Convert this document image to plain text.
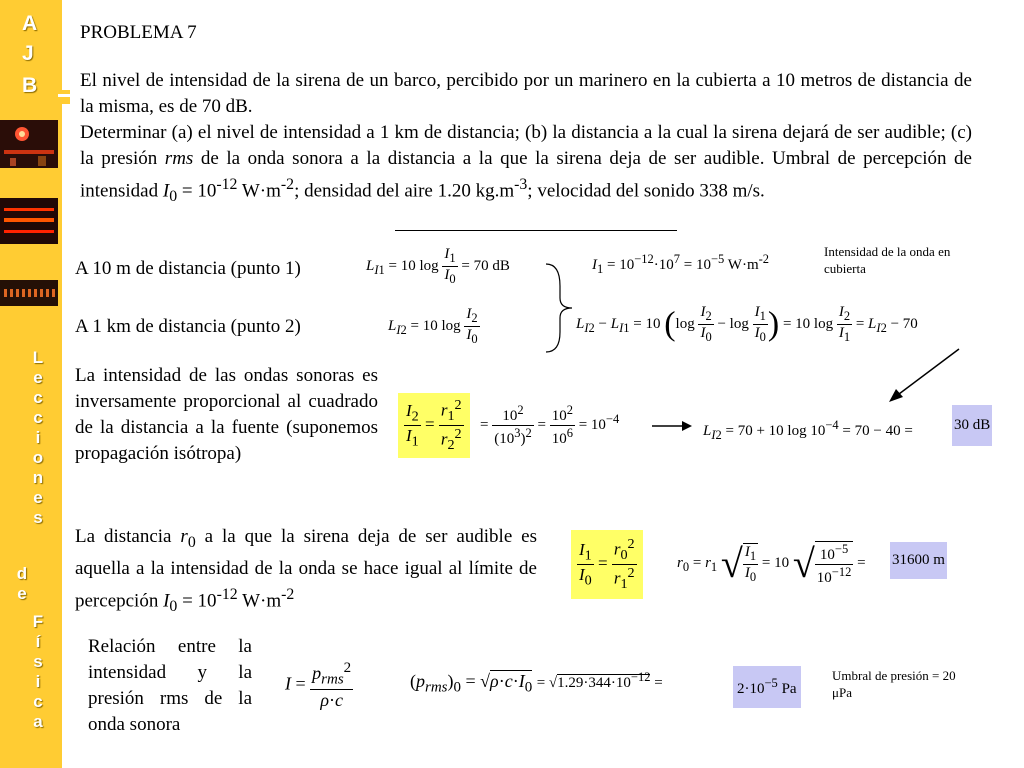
A
J
B
L
e
c
c
i
o
n
e
s
d
e
F
í
s
i
c
a
PROBLEMA 7
El nivel de intensidad de la sirena de un barco, percibido por un marinero en la cubierta a 10 metros de distancia de la misma, es de 70 dB.
Determinar (a) el nivel de intensidad a 1 km de distancia; (b) la distancia a la cual la sirena dejará de ser audible; (c) la presión rms de la onda sonora a la distancia a la que la sirena deja de ser audible. Umbral de percepción de intensidad $I_0 = 10^{-12}$ $W\cdot m^{-2}$; densidad del aire 1.20 $kg.m^{-3}$; velocidad del sonido 338 m/s.
A 10 m de distancia (punto 1)
A 1 km de distancia (punto 2)
$L_{I1} = 10$ $\log \frac{I_1}{I_0} = 70$ dB	$I_1 = 10^{-12}\cdot 10^7 = 10^{-5}$ $W\cdot m^{-2}$	Intensidad de la onda en cubierta
$L_{I2} = 10$ $\log \frac{I_2}{I_0}$	$L_{I2} - L_{I1} = 10$ ($\log \frac{I_2}{I_0} - \log \frac{I_1}{I_0}$ ) = 10 $\log \frac{I_2}{I_1} = L_{I2} - 70$
La intensidad de las ondas sonoras es inversamente proporcional al cuadrado de la distancia a la fuente (suponemos propagación isótropa)
$\frac{I_2}{I_1} = \frac{r_1^2}{r_2^2} = \frac{10^2}{(10^3)^2} = \frac{10^2}{10^6} = 10^{-4}$
$L_{I2} = 70 + 10$ $\log 10^{-4} = 70 - 40$ =	30 dB
La distancia $r_0$ a la que la sirena deja de ser audible es aquella a la intensidad de la onda se hace igual al límite de percepción $I_0 = 10^{-12}$ $W\cdot m^{-2}$
$\frac{I_1}{I_0} = \frac{r_0^2}{r_1^2}$	$r_0 = r_1$ √ $\frac{I_1}{I_0} = 10$ √ $\frac{10^{-5}}{10^{-12}} = 31600$ m
Relación entre la intensidad y la presión rms de la onda sonora
$I = \frac{p_{rms}^2}{\rho\cdot c}$	$(p_{rms})_0 = √\rho\cdot c\cdot I_0 = √1.29\cdot 344\cdot 10^{-12}$ =	$2\cdot 10^{-5}$ Pa
Umbral de presión = 20 μPa
